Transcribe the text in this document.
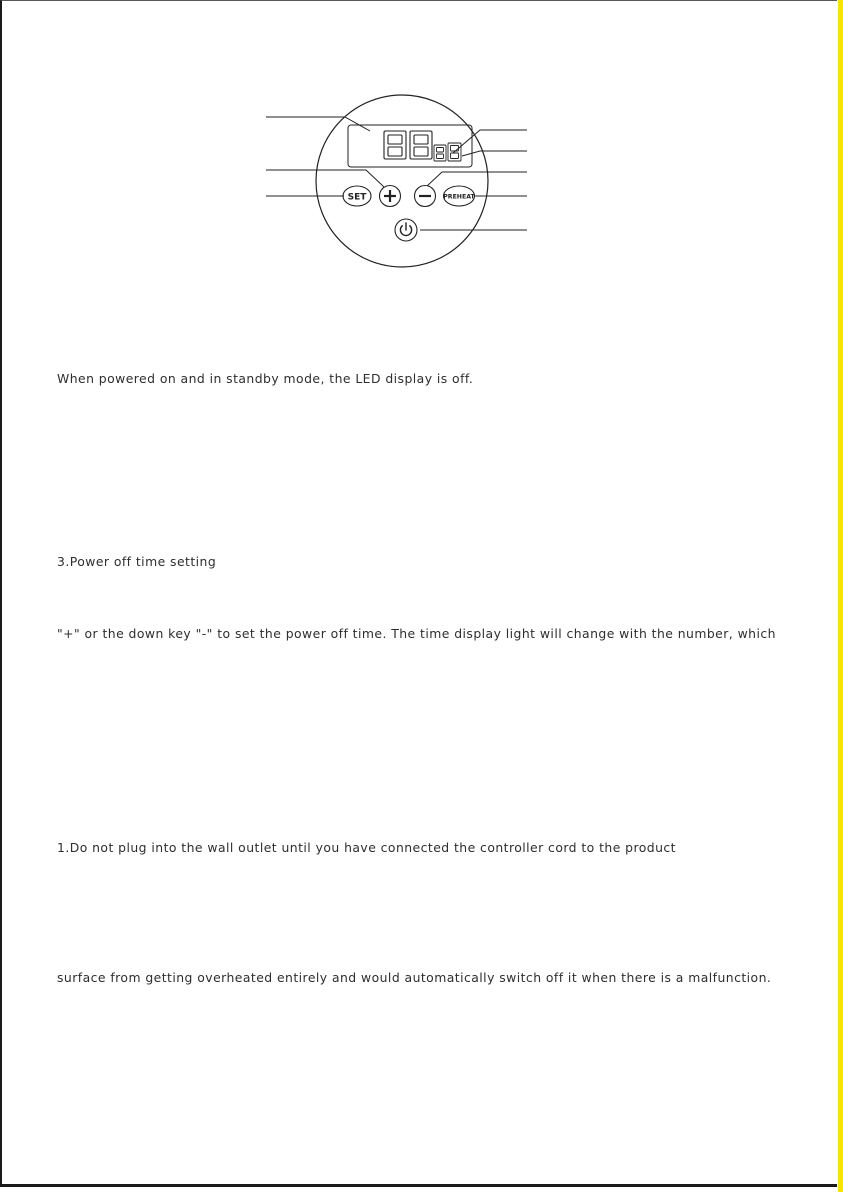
SET	PREHEAT
When powered on and in standby mode, the LED display is off.
3.Power off time setting
"+" or the down key "-" to set the power off time. The time display light will change with the number, which
1.Do not plug into the wall outlet until you have connected the controller cord to the product
surface from getting overheated entirely and would automatically switch off it when there is a malfunction.
